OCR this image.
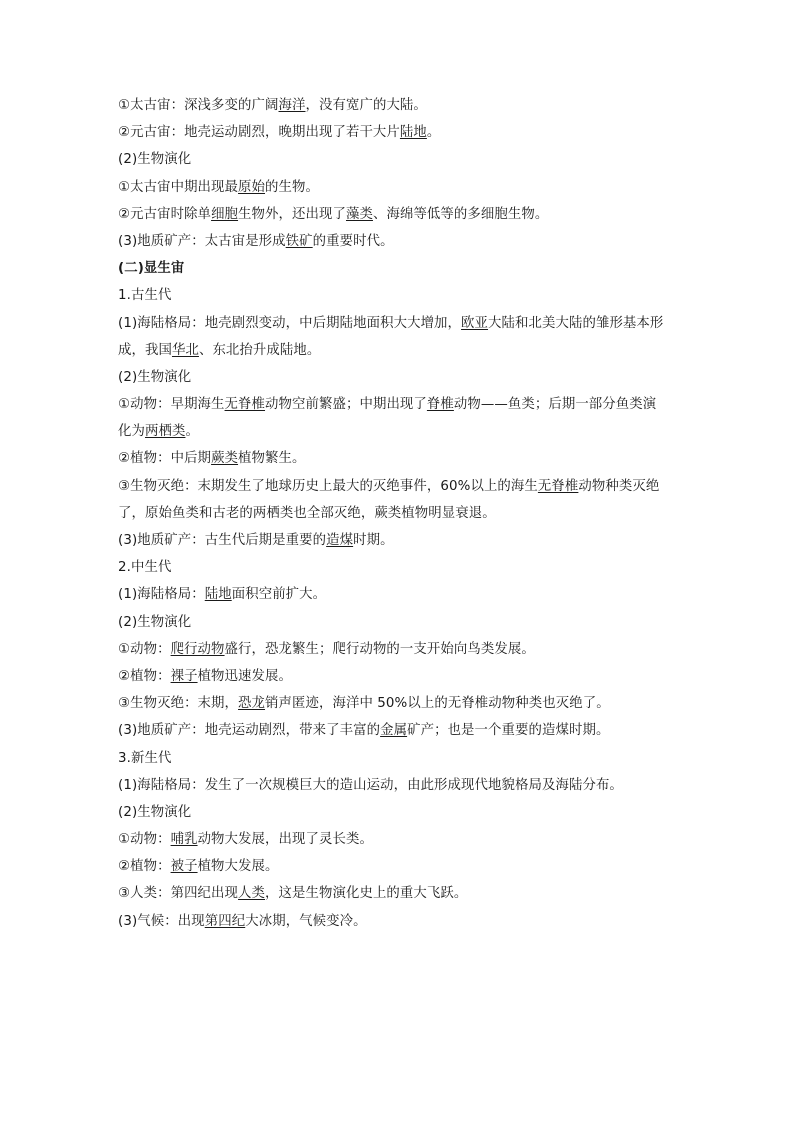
①太古宙：深浅多变的广阔海洋，没有宽广的大陆。
②元古宙：地壳运动剧烈，晚期出现了若干大片陆地。
(2)生物演化
①太古宙中期出现最原始的生物。
②元古宙时除单细胞生物外，还出现了藻类、海绵等低等的多细胞生物。
(3)地质矿产：太古宙是形成铁矿的重要时代。
(二)显生宙
1.古生代
(1)海陆格局：地壳剧烈变动，中后期陆地面积大大增加，欧亚大陆和北美大陆的雏形基本形
成，我国华北、东北抬升成陆地。
(2)生物演化
①动物：早期海生无脊椎动物空前繁盛；中期出现了脊椎动物——鱼类；后期一部分鱼类演
化为两栖类。
②植物：中后期蕨类植物繁生。
③生物灭绝：末期发生了地球历史上最大的灭绝事件，60%以上的海生无脊椎动物种类灭绝
了，原始鱼类和古老的两栖类也全部灭绝，蕨类植物明显衰退。
(3)地质矿产：古生代后期是重要的造煤时期。
2.中生代
(1)海陆格局：陆地面积空前扩大。
(2)生物演化
①动物：爬行动物盛行，恐龙繁生；爬行动物的一支开始向鸟类发展。
②植物：裸子植物迅速发展。
③生物灭绝：末期，恐龙销声匿迹，海洋中 50%以上的无脊椎动物种类也灭绝了。
(3)地质矿产：地壳运动剧烈，带来了丰富的金属矿产；也是一个重要的造煤时期。
3.新生代
(1)海陆格局：发生了一次规模巨大的造山运动，由此形成现代地貌格局及海陆分布。
(2)生物演化
①动物：哺乳动物大发展，出现了灵长类。
②植物：被子植物大发展。
③人类：第四纪出现人类，这是生物演化史上的重大飞跃。
(3)气候：出现第四纪大冰期，气候变冷。
